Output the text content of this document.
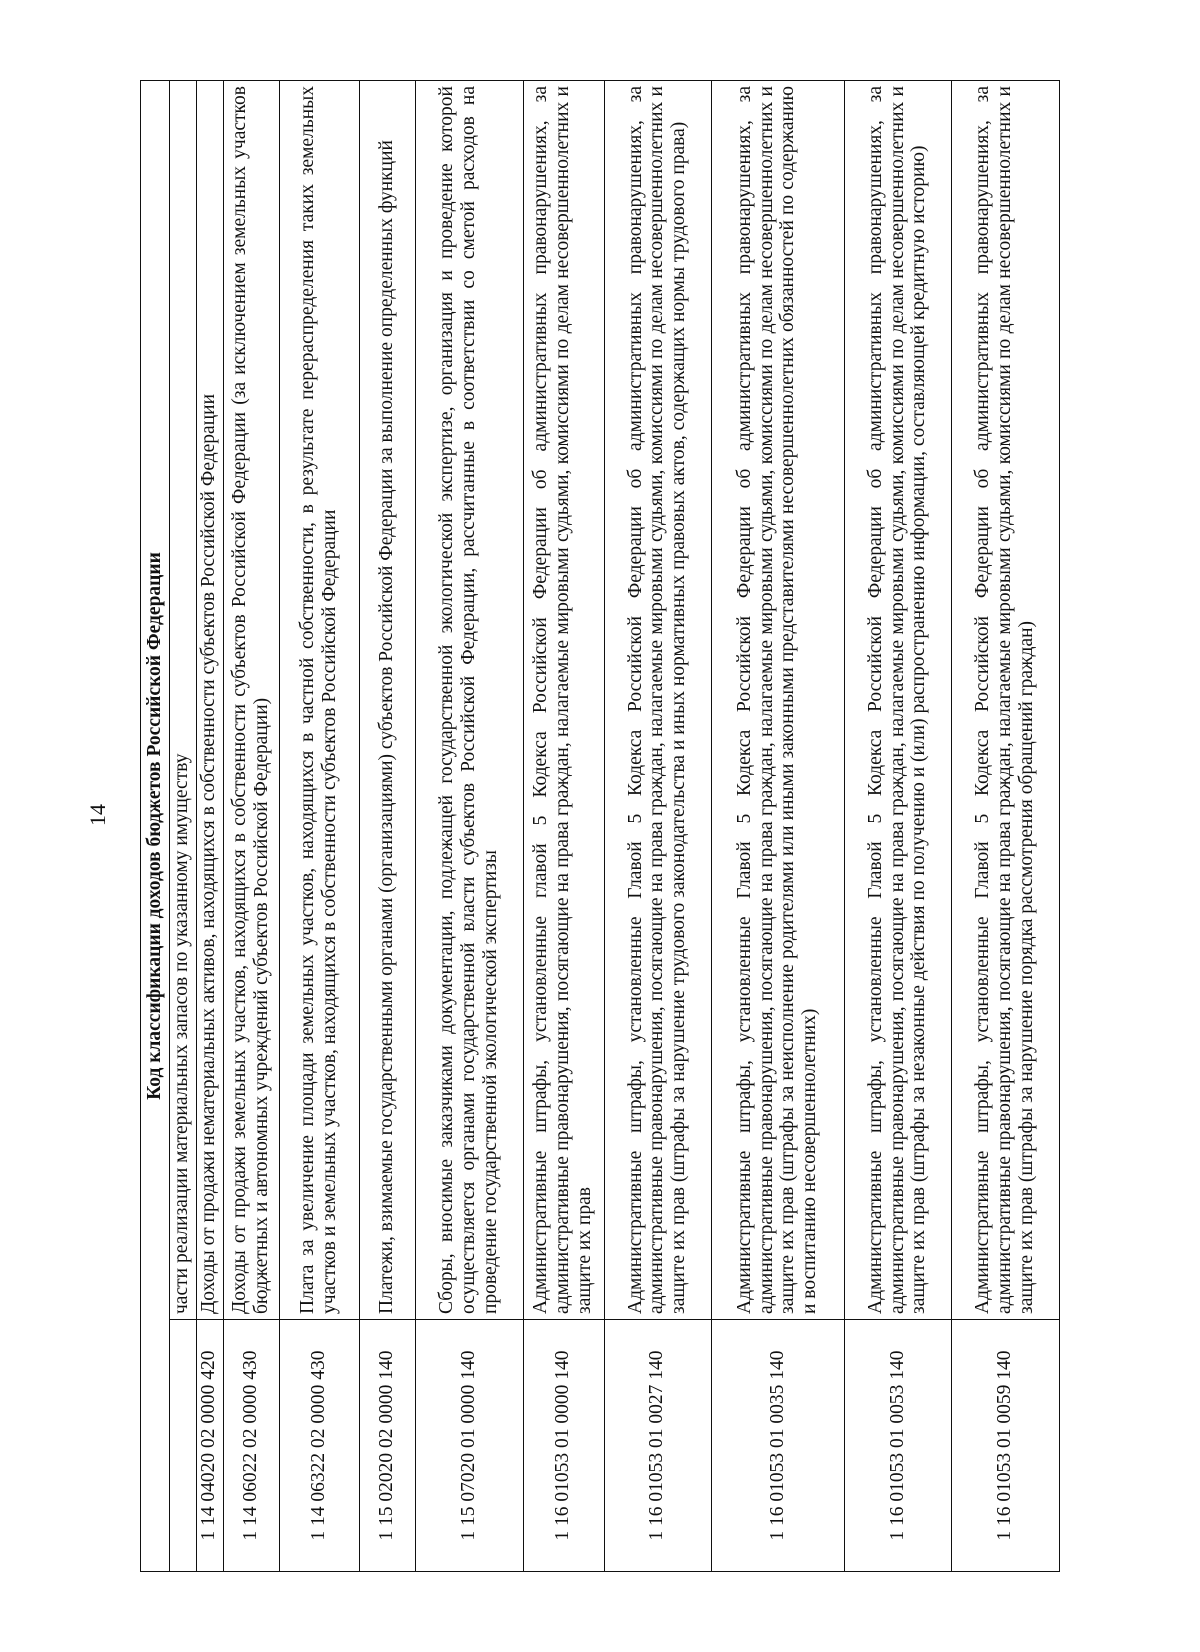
14 Код классификации доходов бюджетов Российской Федерации	
	части реализации материальных запасов по указанному имуществу
1 14 04020 02 0000 420	Доходы от продажи нематериальных активов, находящихся в собственности субъектов Российской Федерации
1 14 06022 02 0000 430	Доходы от продажи земельных участков, находящихся в собственности субъектов Российской Федерации (за исключением земельных участков бюджетных и автономных учреждений субъектов Российской Федерации)
1 14 06322 02 0000 430	Плата за увеличение площади земельных участков, находящихся в частной собственности, в результате перераспределения таких земельных участков и земельных участков, находящихся в собственности субъектов Российской Федерации
1 15 02020 02 0000 140	Платежи, взимаемые государственными органами (организациями) субъектов Российской Федерации за выполнение определенных функций
1 15 07020 01 0000 140	Сборы, вносимые заказчиками документации, подлежащей государственной экологической экспертизе, организация и проведение которой осуществляется органами государственной власти субъектов Российской Федерации, рассчитанные в соответствии со сметой расходов на проведение государственной экологической экспертизы
1 16 01053 01 0000 140	Административные штрафы, установленные главой 5 Кодекса Российской Федерации об административных правонарушениях, за административные правонарушения, посягающие на права граждан, налагаемые мировыми судьями, комиссиями по делам несовершеннолетних и защите их прав
1 16 01053 01 0027 140	Административные штрафы, установленные Главой 5 Кодекса Российской Федерации об административных правонарушениях, за административные правонарушения, посягающие на права граждан, налагаемые мировыми судьями, комиссиями по делам несовершеннолетних и защите их прав (штрафы за нарушение трудового законодательства и иных нормативных правовых актов, содержащих нормы трудового права)
1 16 01053 01 0035 140	Административные штрафы, установленные Главой 5 Кодекса Российской Федерации об административных правонарушениях, за административные правонарушения, посягающие на права граждан, налагаемые мировыми судьями, комиссиями по делам несовершеннолетних и защите их прав (штрафы за неисполнение родителями или иными законными представителями несовершеннолетних обязанностей по содержанию и воспитанию несовершеннолетних)
1 16 01053 01 0053 140	Административные штрафы, установленные Главой 5 Кодекса Российской Федерации об административных правонарушениях, за административные правонарушения, посягающие на права граждан, налагаемые мировыми судьями, комиссиями по делам несовершеннолетних и защите их прав (штрафы за незаконные действия по получению и (или) распространению информации, составляющей кредитную историю)
1 16 01053 01 0059 140	Административные штрафы, установленные Главой 5 Кодекса Российской Федерации об административных правонарушениях, за административные правонарушения, посягающие на права граждан, налагаемые мировыми судьями, комиссиями по делам несовершеннолетних и защите их прав (штрафы за нарушение порядка рассмотрения обращений граждан)
